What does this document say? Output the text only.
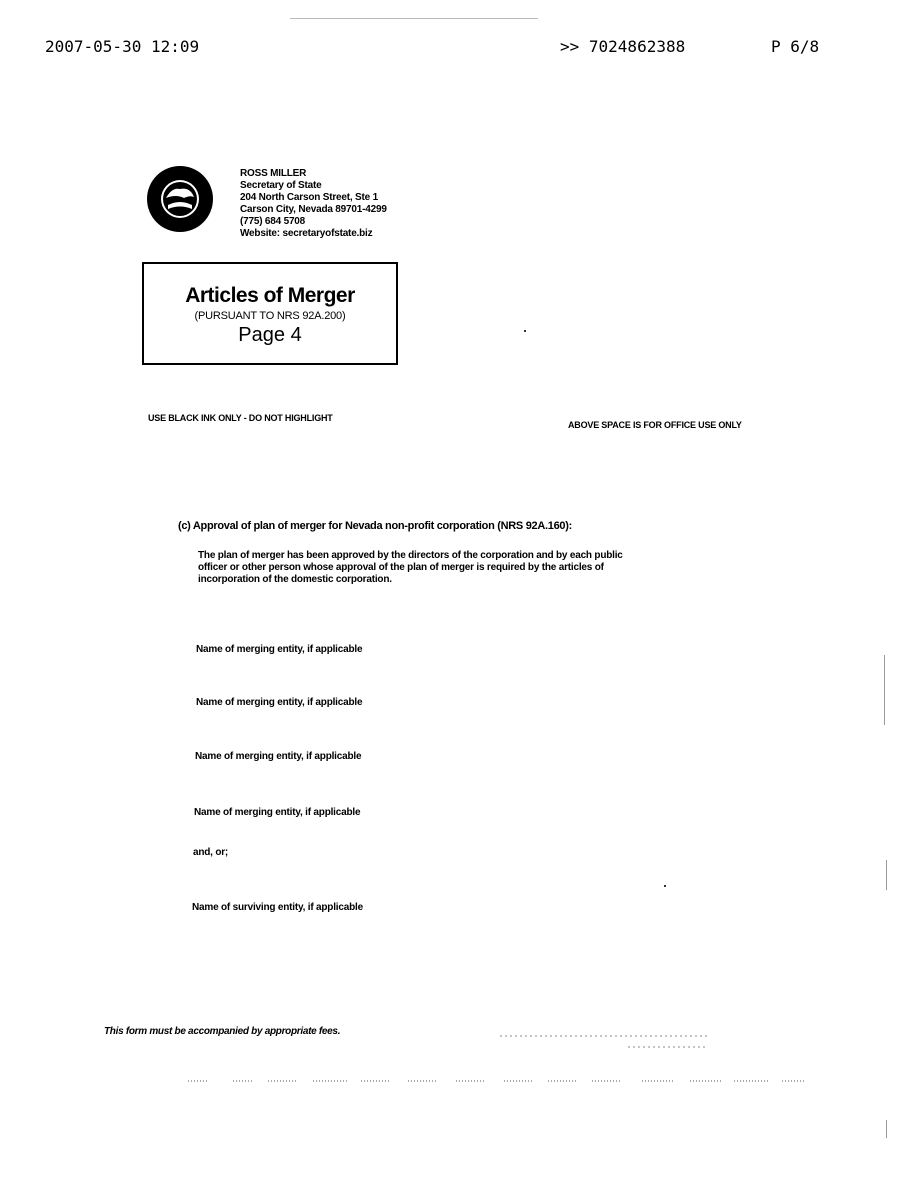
2007-05-30 12:09	>> 7024862388	P 6/8
ROSS MILLER
Secretary of State
204 North Carson Street, Ste 1
Carson City, Nevada 89701-4299
(775) 684 5708
Website: secretaryofstate.biz
Articles of Merger
(PURSUANT TO NRS 92A.200)
Page 4
USE BLACK INK ONLY - DO NOT HIGHLIGHT
ABOVE SPACE IS FOR OFFICE USE ONLY
(c) Approval of plan of merger for Nevada non-profit corporation (NRS 92A.160):
The plan of merger has been approved by the directors of the corporation and by each public officer or other person whose approval of the plan of merger is required by the articles of incorporation of the domestic corporation.
Name of merging entity, if applicable
Name of merging entity, if applicable
Name of merging entity, if applicable
Name of merging entity, if applicable
and, or;
Name of surviving entity, if applicable
This form must be accompanied by appropriate fees.
